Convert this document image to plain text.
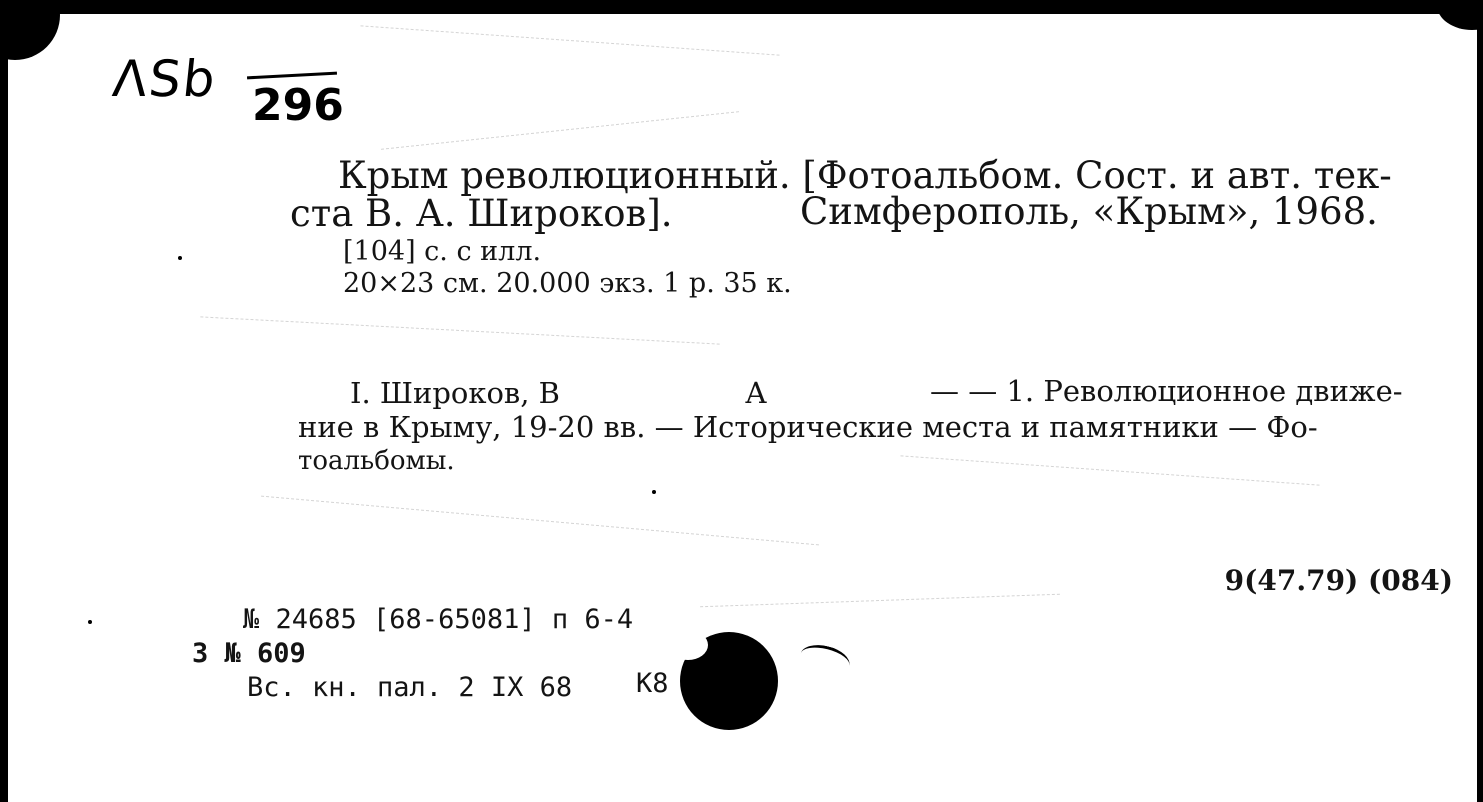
ΛSb 296
Крым революционный. [Фотоальбом. Сост. и авт. тек-
ста В. А. Широков].	Симферополь, «Крым», 1968.
[104] с. с илл.
20×23 см. 20.000 экз. 1 р. 35 к.
I. Широков, В	А	— — 1. Революционное движе-
ние в Крыму, 19-20 вв. — Исторические места и памятники — Фо-
тоальбомы.
9(47.79) (084)
№ 24685 [68-65081] п 6-4
3 № 609
Вс. кн. пал. 2 IX 68 K8
